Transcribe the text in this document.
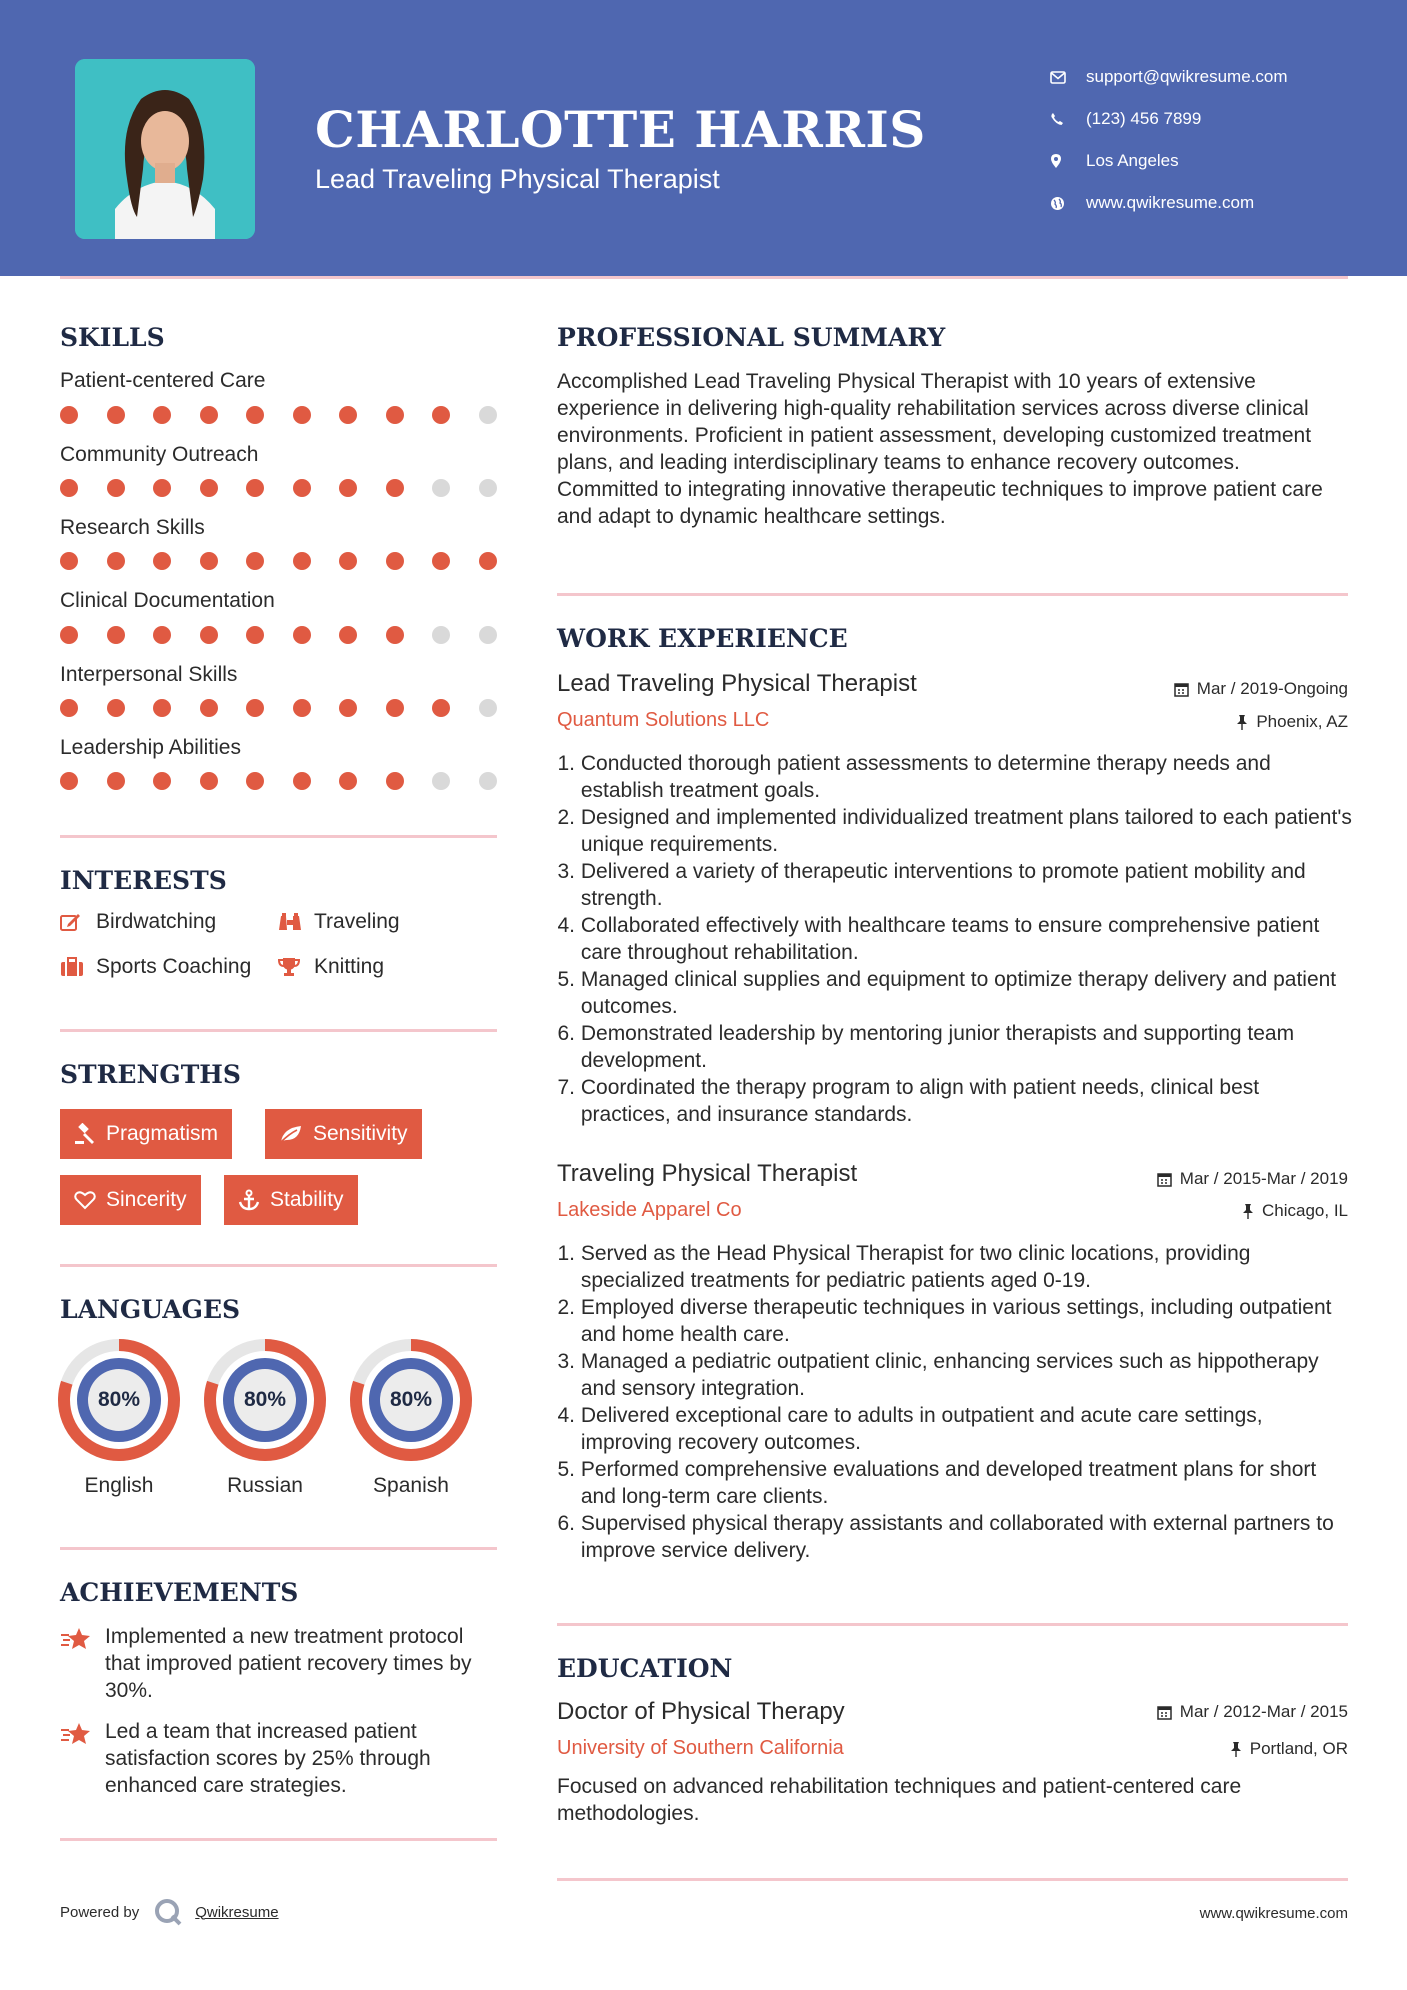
CHARLOTTE HARRIS
Lead Traveling Physical Therapist
support@qwikresume.com
(123) 456 7899
Los Angeles
www.qwikresume.com
SKILLS
Patient-centered Care
Community Outreach
Research Skills
Clinical Documentation
Interpersonal Skills
Leadership Abilities
INTERESTS
Birdwatching	Traveling
Sports Coaching	Knitting
STRENGTHS
Pragmatism	Sensitivity
Sincerity	Stability
LANGUAGES
80%
English
80%
Russian
80%
Spanish
ACHIEVEMENTS
Implemented a new treatment protocol that improved patient recovery times by 30%.
Led a team that increased patient satisfaction scores by 25% through enhanced care strategies.
PROFESSIONAL SUMMARY
Accomplished Lead Traveling Physical Therapist with 10 years of extensive experience in delivering high-quality rehabilitation services across diverse clinical environments. Proficient in patient assessment, developing customized treatment plans, and leading interdisciplinary teams to enhance recovery outcomes. Committed to integrating innovative therapeutic techniques to improve patient care and adapt to dynamic healthcare settings.
WORK EXPERIENCE
Lead Traveling Physical Therapist	Mar / 2019-Ongoing
Quantum Solutions LLC	Phoenix, AZ
1.
Conducted thorough patient assessments to determine therapy needs and establish treatment goals.
2.
Designed and implemented individualized treatment plans tailored to each patient's unique requirements.
3.
Delivered a variety of therapeutic interventions to promote patient mobility and strength.
4.
Collaborated effectively with healthcare teams to ensure comprehensive patient care throughout rehabilitation.
5.
Managed clinical supplies and equipment to optimize therapy delivery and patient outcomes.
6.
Demonstrated leadership by mentoring junior therapists and supporting team development.
7.
Coordinated the therapy program to align with patient needs, clinical best practices, and insurance standards.
Traveling Physical Therapist	Mar / 2015-Mar / 2019
Lakeside Apparel Co	Chicago, IL
1.
Served as the Head Physical Therapist for two clinic locations, providing specialized treatments for pediatric patients aged 0-19.
2.
Employed diverse therapeutic techniques in various settings, including outpatient and home health care.
3.
Managed a pediatric outpatient clinic, enhancing services such as hippotherapy and sensory integration.
4.
Delivered exceptional care to adults in outpatient and acute care settings, improving recovery outcomes.
5.
Performed comprehensive evaluations and developed treatment plans for short and long-term care clients.
6.
Supervised physical therapy assistants and collaborated with external partners to improve service delivery.
EDUCATION
Doctor of Physical Therapy	Mar / 2012-Mar / 2015
University of Southern California	Portland, OR
Focused on advanced rehabilitation techniques and patient-centered care methodologies.
Powered by	Qwikresume	www.qwikresume.com
